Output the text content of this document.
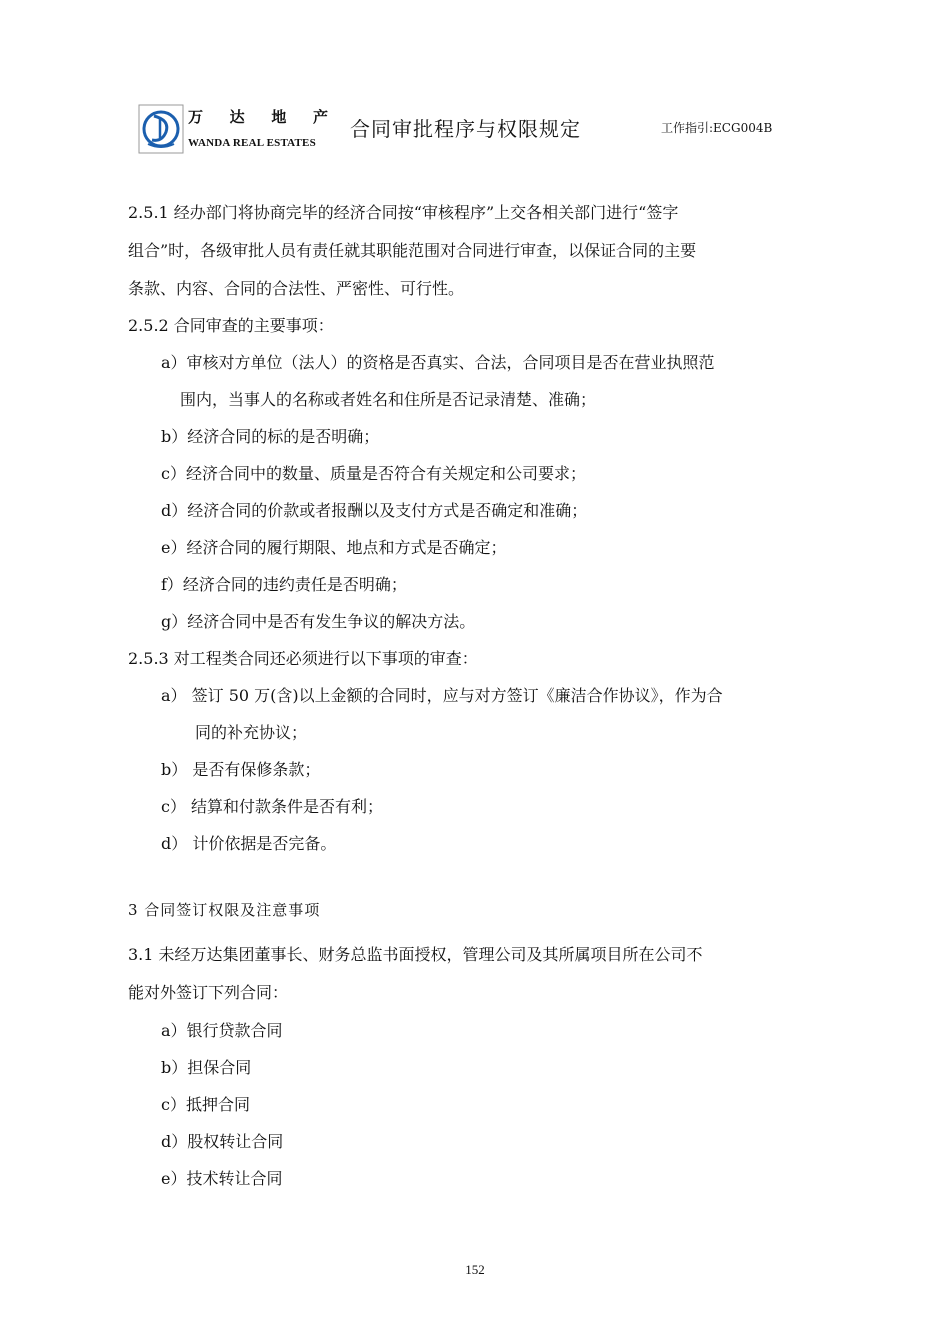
万 达 地 产
WANDA REAL ESTATES
合同审批程序与权限规定	工作指引:ECG004B
2.5.1 经办部门将协商完毕的经济合同按“审核程序”上交各相关部门进行“签字
组合”时，各级审批人员有责任就其职能范围对合同进行审查，以保证合同的主要
条款、内容、合同的合法性、严密性、可行性。
2.5.2 合同审查的主要事项：
a）审核对方单位（法人）的资格是否真实、合法，合同项目是否在营业执照范
围内，当事人的名称或者姓名和住所是否记录清楚、准确；
b）经济合同的标的是否明确；
c）经济合同中的数量、质量是否符合有关规定和公司要求；
d）经济合同的价款或者报酬以及支付方式是否确定和准确；
e）经济合同的履行期限、地点和方式是否确定；
f）经济合同的违约责任是否明确；
g）经济合同中是否有发生争议的解决方法。
2.5.3 对工程类合同还必须进行以下事项的审查：
a） 签订 50 万(含)以上金额的合同时，应与对方签订《廉洁合作协议》，作为合
同的补充协议；
b） 是否有保修条款；
c） 结算和付款条件是否有利；
d） 计价依据是否完备。
3 合同签订权限及注意事项
3.1 未经万达集团董事长、财务总监书面授权，管理公司及其所属项目所在公司不
能对外签订下列合同：
a）银行贷款合同
b）担保合同
c）抵押合同
d）股权转让合同
e）技术转让合同
152
